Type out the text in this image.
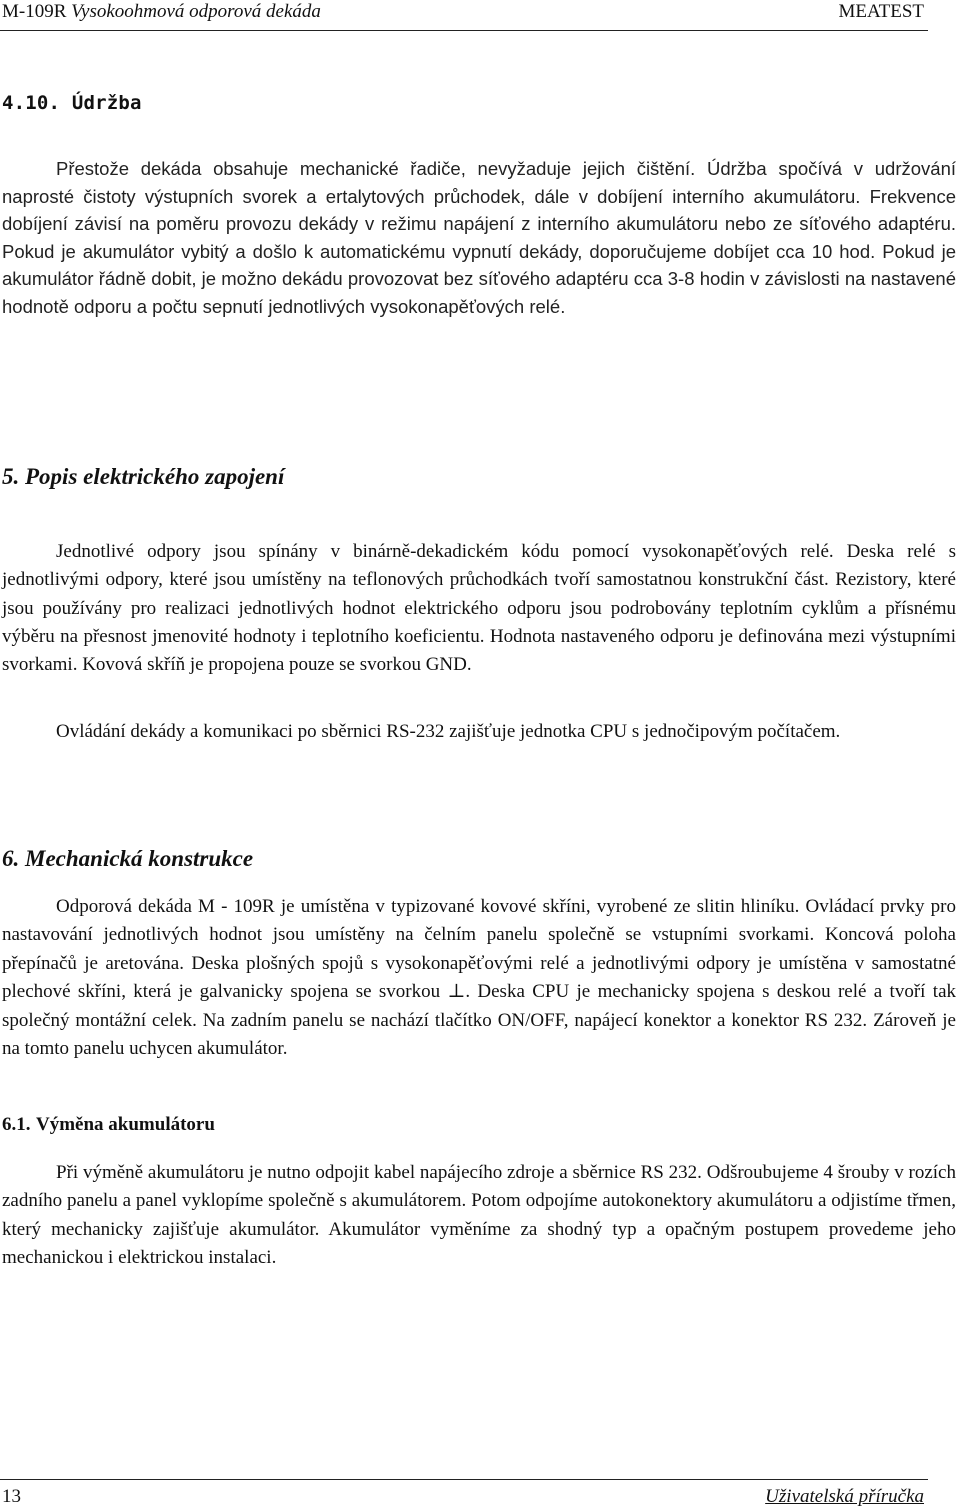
M-109R Vysokoohmová odporová dekáda	MEATEST
4.10. Údržba
Přestože dekáda obsahuje mechanické řadiče, nevyžaduje jejich čištění. Údržba spočívá v udržování naprosté čistoty výstupních svorek a ertalytových průchodek, dále v dobíjení interního akumulátoru. Frekvence dobíjení závisí na poměru provozu dekády v režimu napájení z interního akumulátoru nebo ze síťového adaptéru. Pokud je akumulátor vybitý a došlo k automatickému vypnutí dekády, doporučujeme dobíjet cca 10 hod. Pokud je akumulátor řádně dobit, je možno dekádu provozovat bez síťového adaptéru cca 3-8 hodin v závislosti na nastavené hodnotě odporu a počtu sepnutí jednotlivých vysokonapěťových relé.
5. Popis elektrického zapojení
Jednotlivé odpory jsou spínány v binárně-dekadickém kódu pomocí vysokonapěťových relé. Deska relé s jednotlivými odpory, které jsou umístěny na teflonových průchodkách tvoří samostatnou konstrukční část. Rezistory, které jsou používány pro realizaci jednotlivých hodnot elektrického odporu jsou podrobovány teplotním cyklům a přísnému výběru na přesnost jmenovité hodnoty i teplotního koeficientu. Hodnota nastaveného odporu je definována mezi výstupními svorkami. Kovová skříň je propojena pouze se svorkou GND.
Ovládání dekády a komunikaci po sběrnici RS-232 zajišťuje jednotka CPU s jednočipovým počítačem.
6. Mechanická konstrukce
Odporová dekáda M - 109R je umístěna v typizované kovové skříni, vyrobené ze slitin hliníku. Ovládací prvky pro nastavování jednotlivých hodnot jsou umístěny na čelním panelu společně se vstupními svorkami. Koncová poloha přepínačů je aretována. Deska plošných spojů s vysokonapěťovými relé a jednotlivými odpory je umístěna v samostatné plechové skříni, která je galvanicky spojena se svorkou ⊥. Deska CPU je mechanicky spojena s deskou relé a tvoří tak společný montážní celek. Na zadním panelu se nachází tlačítko ON/OFF, napájecí konektor a konektor RS 232. Zároveň je na tomto panelu uchycen akumulátor.
6.1. Výměna akumulátoru
Při výměně akumulátoru je nutno odpojit kabel napájecího zdroje a sběrnice RS 232. Odšroubujeme 4 šrouby v rozích zadního panelu a panel vyklopíme společně s akumulátorem. Potom odpojíme autokonektory akumulátoru a odjistíme třmen, který mechanicky zajišťuje akumulátor. Akumulátor vyměníme za shodný typ a opačným postupem provedeme jeho mechanickou i elektrickou instalaci.
13	Uživatelská příručka
